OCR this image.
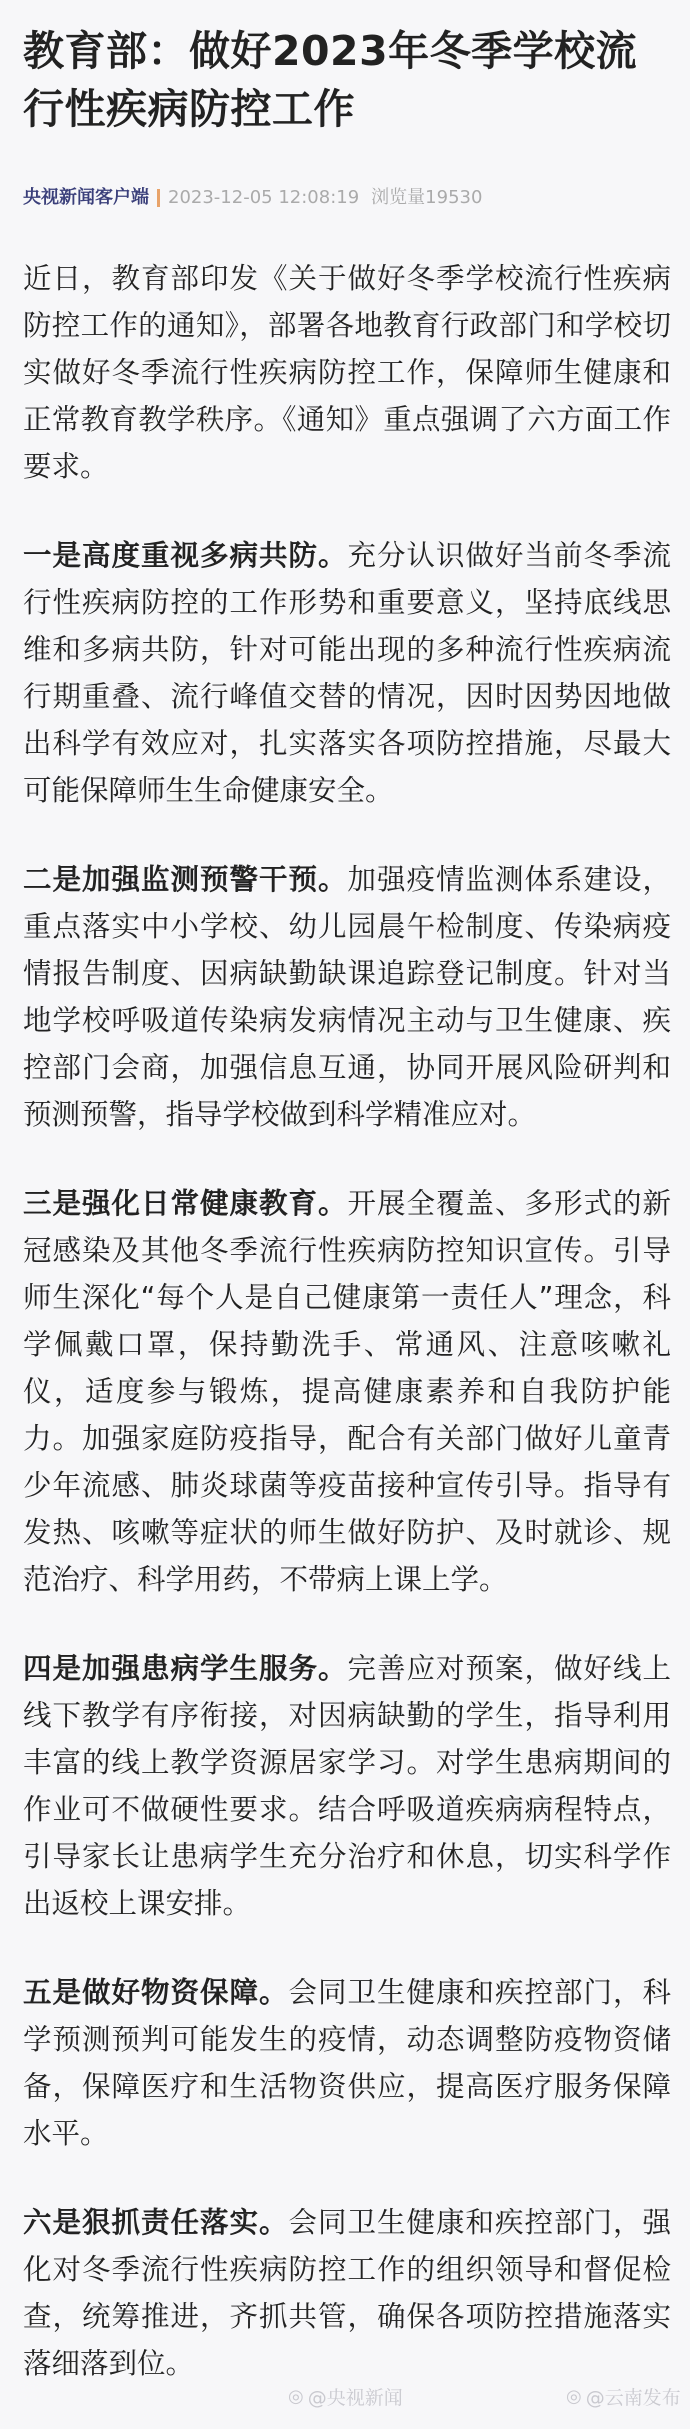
教育部：做好2023年冬季学校流行性疾病防控工作
央视新闻客户端 2023-12-05 12:08:19 浏览量19530

近日，教育部印发《关于做好冬季学校流行性疾病防控工作的通知》，部署各地教育行政部门和学校切实做好冬季流行性疾病防控工作，保障师生健康和正常教育教学秩序。《通知》重点强调了六方面工作要求。

一是高度重视多病共防。充分认识做好当前冬季流行性疾病防控的工作形势和重要意义，坚持底线思维和多病共防，针对可能出现的多种流行性疾病流行期重叠、流行峰值交替的情况，因时因势因地做出科学有效应对，扎实落实各项防控措施，尽最大可能保障师生生命健康安全。

二是加强监测预警干预。加强疫情监测体系建设，重点落实中小学校、幼儿园晨午检制度、传染病疫情报告制度、因病缺勤缺课追踪登记制度。针对当地学校呼吸道传染病发病情况主动与卫生健康、疾控部门会商，加强信息互通，协同开展风险研判和预测预警，指导学校做到科学精准应对。

三是强化日常健康教育。开展全覆盖、多形式的新冠感染及其他冬季流行性疾病防控知识宣传。引导师生深化“每个人是自己健康第一责任人”理念，科学佩戴口罩，保持勤洗手、常通风、注意咳嗽礼仪，适度参与锻炼，提高健康素养和自我防护能力。加强家庭防疫指导，配合有关部门做好儿童青少年流感、肺炎球菌等疫苗接种宣传引导。指导有发热、咳嗽等症状的师生做好防护、及时就诊、规范治疗、科学用药，不带病上课上学。

四是加强患病学生服务。完善应对预案，做好线上线下教学有序衔接，对因病缺勤的学生，指导利用丰富的线上教学资源居家学习。对学生患病期间的作业可不做硬性要求。结合呼吸道疾病病程特点，引导家长让患病学生充分治疗和休息，切实科学作出返校上课安排。

五是做好物资保障。会同卫生健康和疾控部门，科学预测预判可能发生的疫情，动态调整防疫物资储备，保障医疗和生活物资供应，提高医疗服务保障水平。

六是狠抓责任落实。会同卫生健康和疾控部门，强化对冬季流行性疾病防控工作的组织领导和督促检查，统筹推进，齐抓共管，确保各项防控措施落实落细落到位。

◎ @央视新闻	◎ @云南发布
